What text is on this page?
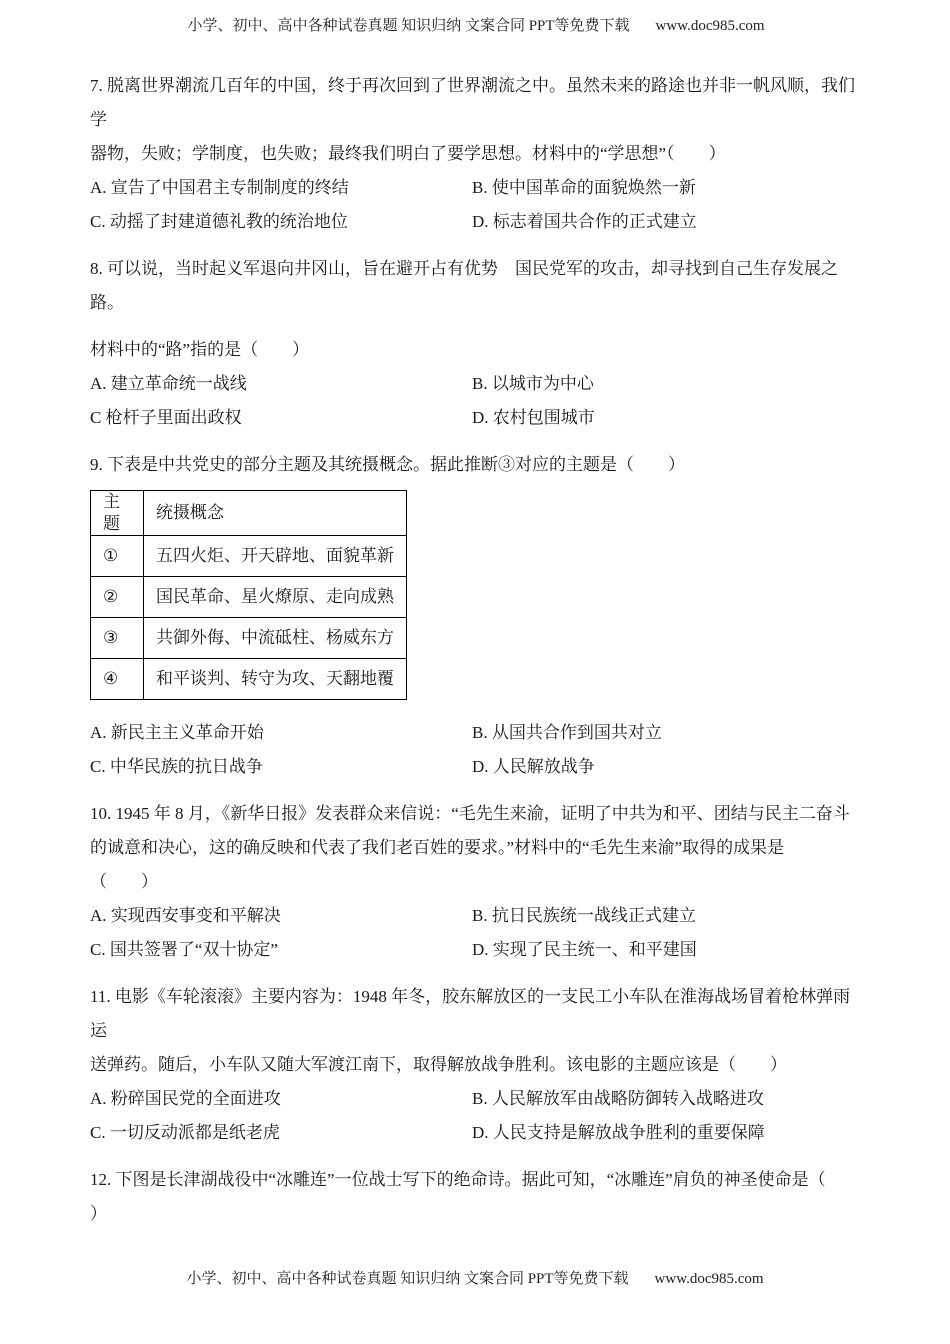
小学、初中、高中各种试卷真题 知识归纳 文案合同 PPT等免费下载 www.doc985.com

7. 脱离世界潮流几百年的中国，终于再次回到了世界潮流之中。虽然未来的路途也并非一帆风顺，我们学

器物，失败；学制度，也失败；最终我们明白了要学思想。材料中的“学思想”（　　）

A. 宣告了中国君主专制制度的终结	B. 使中国革命的面貌焕然一新
C. 动摇了封建道德礼教的统治地位	D. 标志着国共合作的正式建立

8. 可以说，当时起义军退向井冈山，旨在避开占有优势　国民党军的攻击，却寻找到自己生存发展之路。

材料中的“路”指的是（　　）

A. 建立革命统一战线	B. 以城市为中心
C 枪杆子里面出政权	D. 农村包围城市

9. 下表是中共党史的部分主题及其统摄概念。据此推断③对应的主题是（　　）

主题	统摄概念
①	五四火炬、开天辟地、面貌革新
②	国民革命、星火燎原、走向成熟
③	共御外侮、中流砥柱、杨威东方
④	和平谈判、转守为攻、天翻地覆
A. 新民主主义革命开始	B. 从国共合作到国共对立
C. 中华民族的抗日战争	D. 人民解放战争

10. 1945 年 8 月，《新华日报》发表群众来信说：“毛先生来渝，证明了中共为和平、团结与民主二奋斗

的诚意和决心，这的确反映和代表了我们老百姓的要求。”材料中的“毛先生来渝”取得的成果是

（　　）

A. 实现西安事变和平解决	B. 抗日民族统一战线正式建立
C. 国共签署了“双十协定”	D. 实现了民主统一、和平建国

11. 电影《车轮滚滚》主要内容为：1948 年冬，胶东解放区的一支民工小车队在淮海战场冒着枪林弹雨运

送弹药。随后，小车队又随大军渡江南下，取得解放战争胜利。该电影的主题应该是（　　）

A. 粉碎国民党的全面进攻	B. 人民解放军由战略防御转入战略进攻
C. 一切反动派都是纸老虎	D. 人民支持是解放战争胜利的重要保障

12. 下图是长津湖战役中“冰雕连”一位战士写下的绝命诗。据此可知，“冰雕连”肩负的神圣使命是（

）

小学、初中、高中各种试卷真题 知识归纳 文案合同 PPT等免费下载 www.doc985.com
